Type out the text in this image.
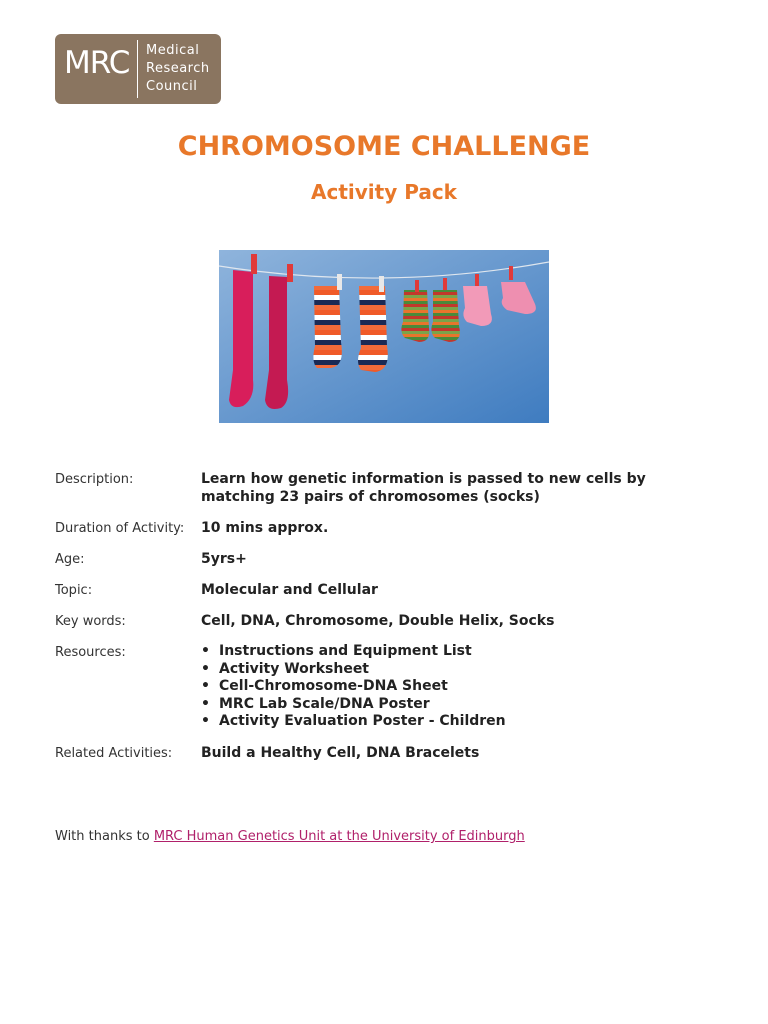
MRC Medical
Research
Council
CHROMOSOME CHALLENGE
Activity Pack
Description:	Learn how genetic information is passed to new cells by matching 23 pairs of chromosomes (socks)
Duration of Activity:	10 mins approx.
Age:	5yrs+
Topic:	Molecular and Cellular
Key words:	Cell, DNA, Chromosome, Double Helix, Socks
Resources:	• Instructions and Equipment List
• Activity Worksheet
• Cell-Chromosome-DNA Sheet
• MRC Lab Scale/DNA Poster
• Activity Evaluation Poster - Children
Related Activities:	Build a Healthy Cell, DNA Bracelets
With thanks to MRC Human Genetics Unit at the University of Edinburgh
